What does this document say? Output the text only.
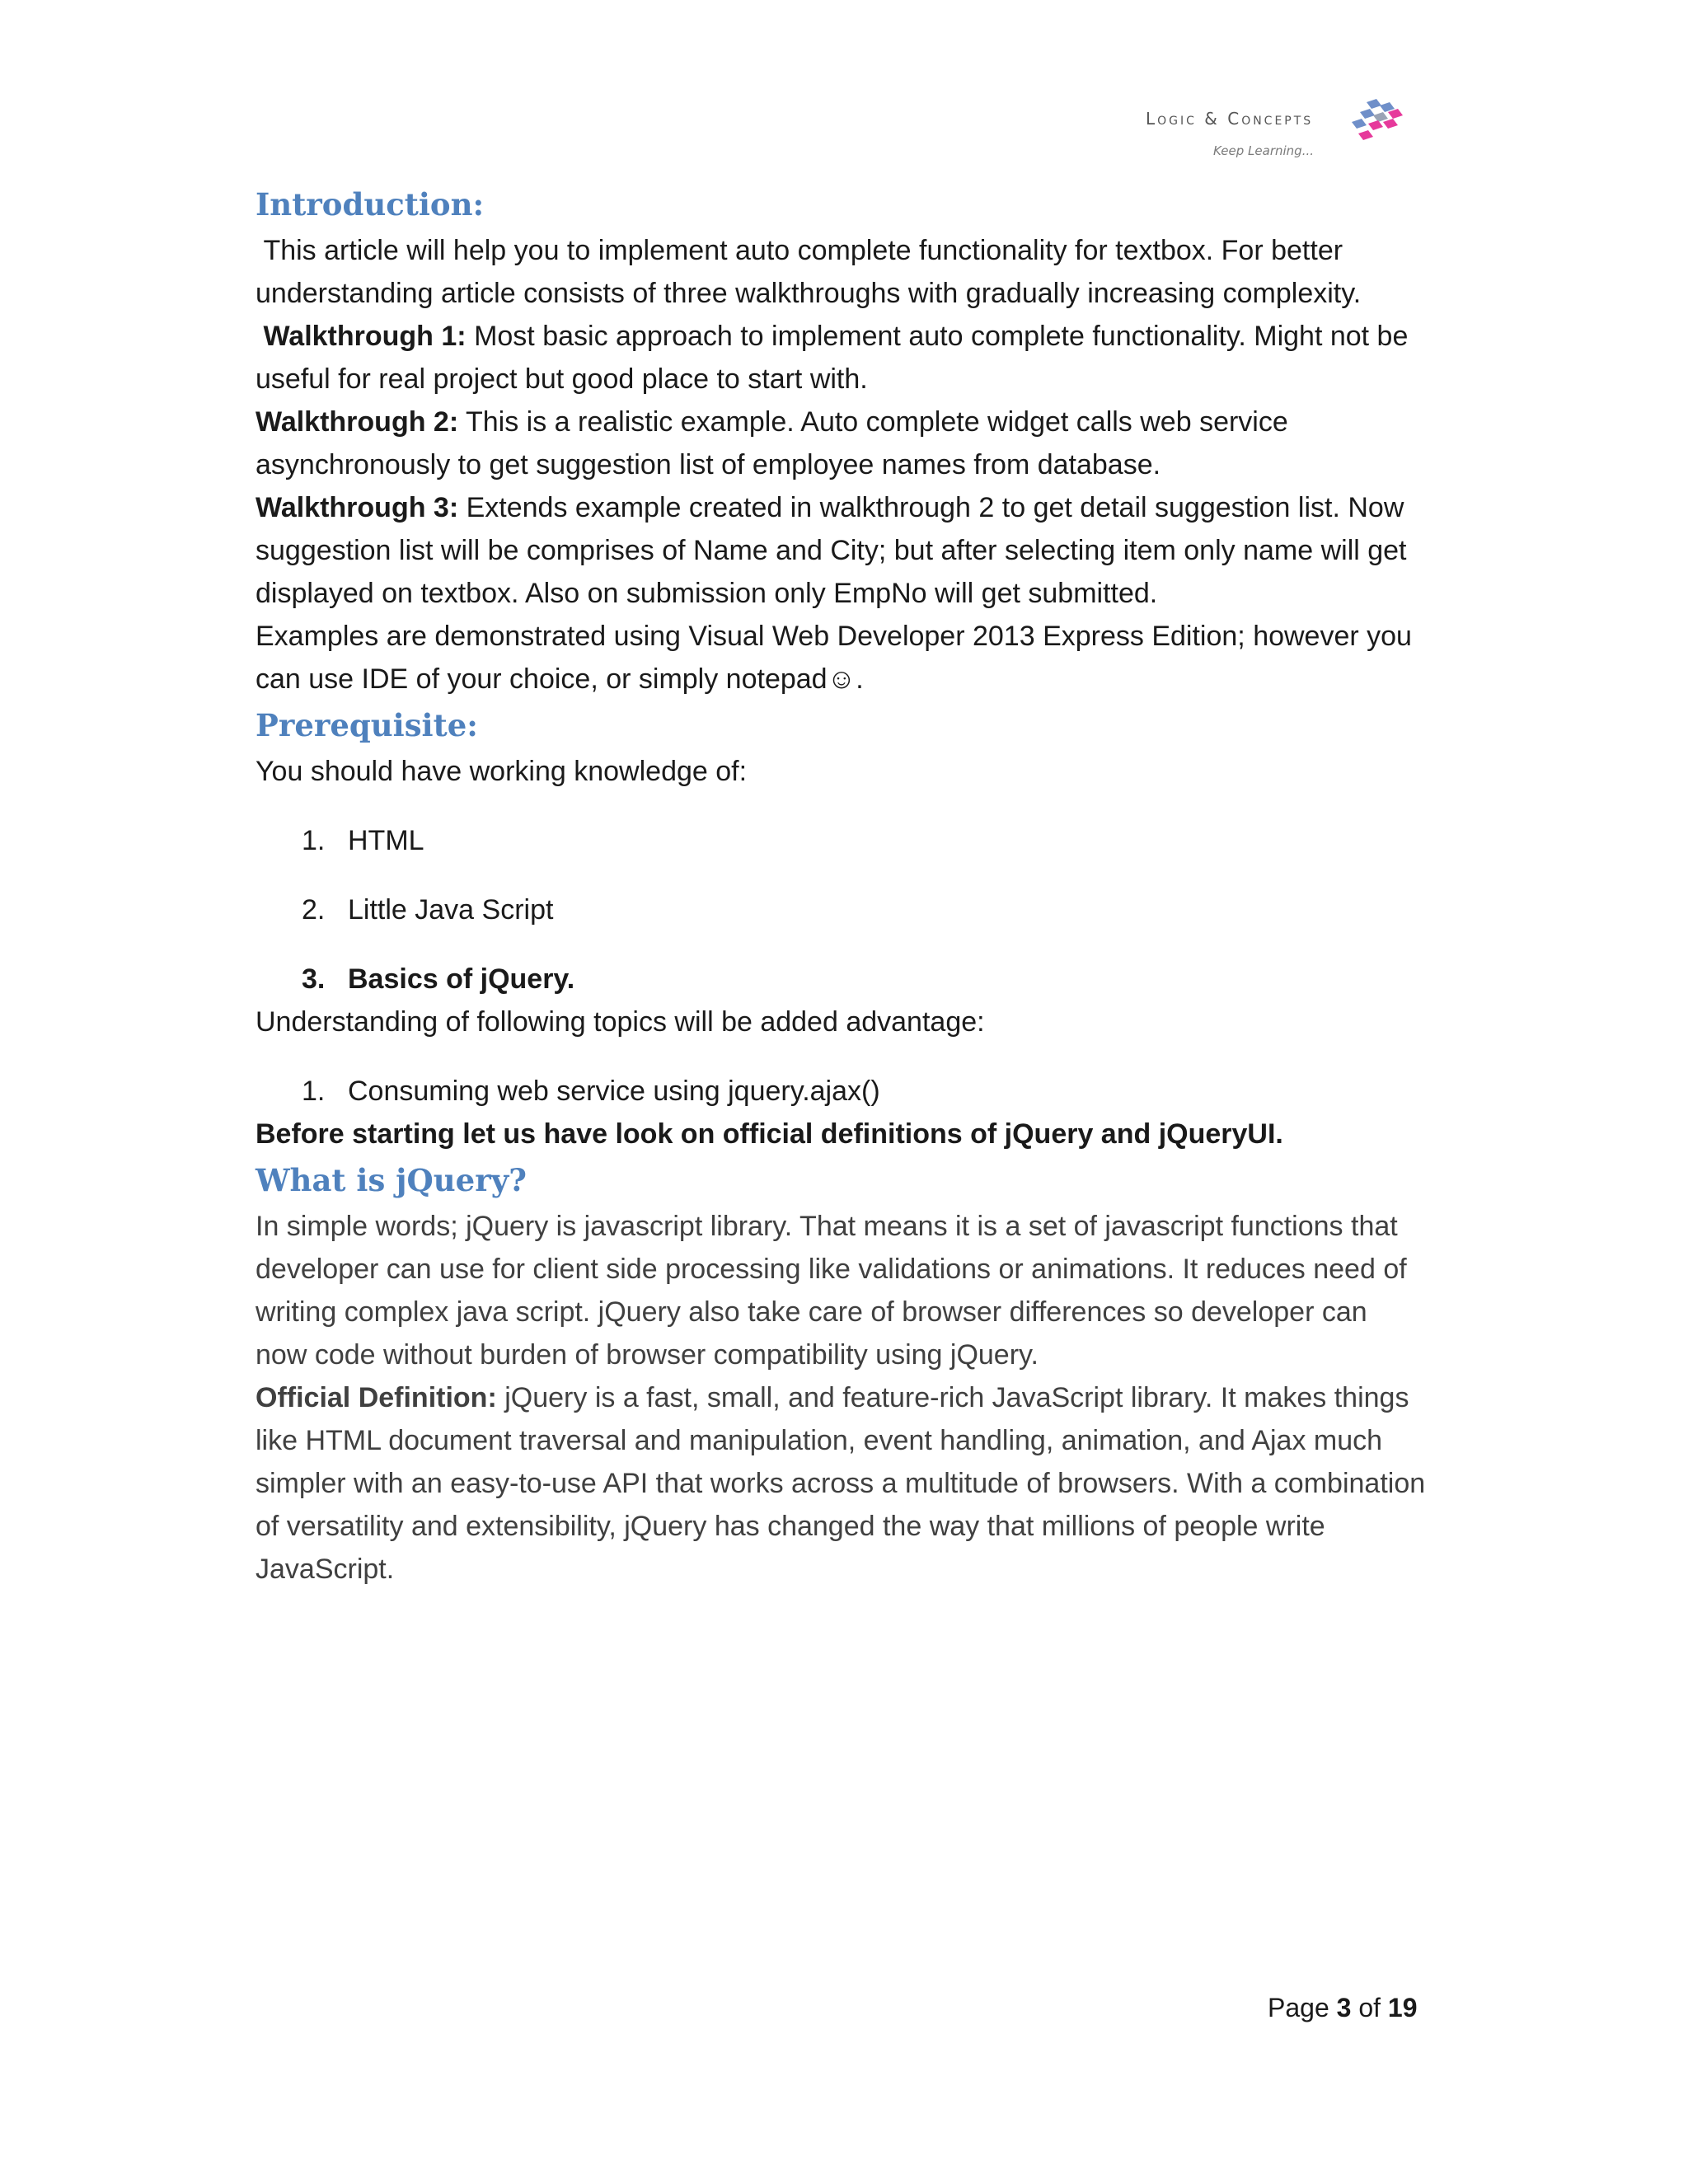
Logic & Concepts
Keep Learning...
Introduction:

This article will help you to implement auto complete functionality for textbox. For better understanding article consists of three walkthroughs with gradually increasing complexity.

Walkthrough 1: Most basic approach to implement auto complete functionality. Might not be useful for real project but good place to start with.

Walkthrough 2: This is a realistic example. Auto complete widget calls web service asynchronously to get suggestion list of employee names from database.

Walkthrough 3: Extends example created in walkthrough 2 to get detail suggestion list. Now suggestion list will be comprises of Name and City; but after selecting item only name will get displayed on textbox. Also on submission only EmpNo will get submitted.

Examples are demonstrated using Visual Web Developer 2013 Express Edition; however you can use IDE of your choice, or simply notepad☺.

Prerequisite:

You should have working knowledge of:

1. HTML
2. Little Java Script
3. Basics of jQuery.

Understanding of following topics will be added advantage:

1. Consuming web service using jquery.ajax()

Before starting let us have look on official definitions of jQuery and jQueryUI.

What is jQuery?

In simple words; jQuery is javascript library. That means it is a set of javascript functions that developer can use for client side processing like validations or animations. It reduces need of writing complex java script. jQuery also take care of browser differences so developer can now code without burden of browser compatibility using jQuery.

Official Definition: jQuery is a fast, small, and feature-rich JavaScript library. It makes things like HTML document traversal and manipulation, event handling, animation, and Ajax much simpler with an easy-to-use API that works across a multitude of browsers. With a combination of versatility and extensibility, jQuery has changed the way that millions of people write JavaScript.

Page 3 of 19
